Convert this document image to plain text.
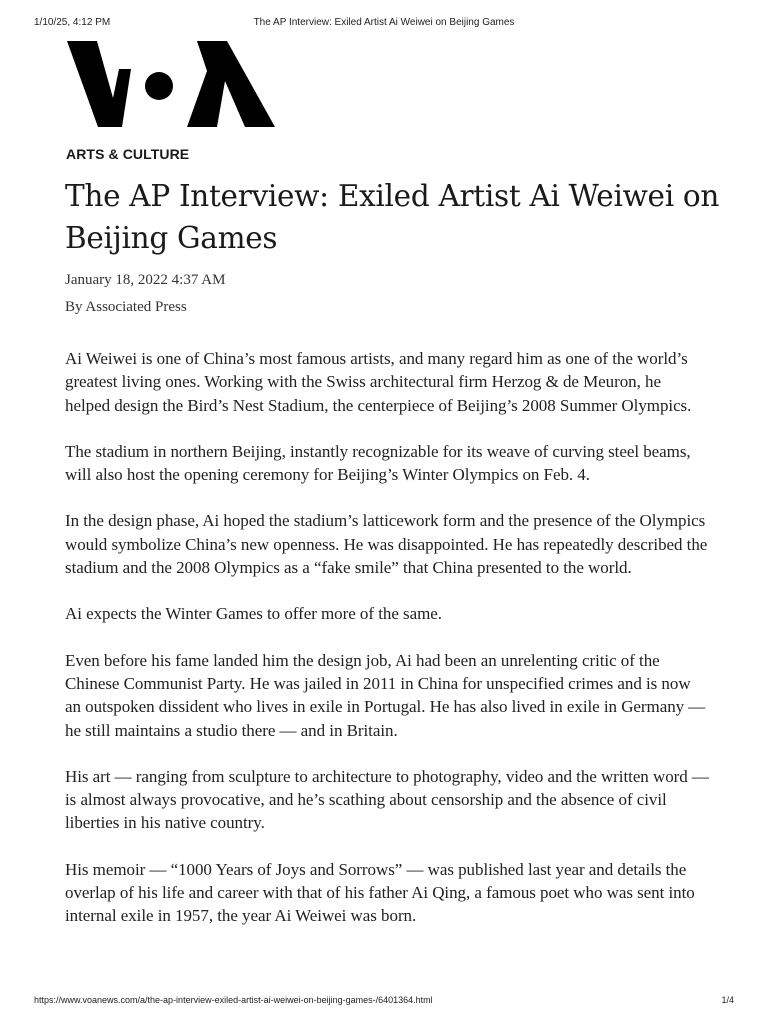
1/10/25, 4:12 PM	The AP Interview: Exiled Artist Ai Weiwei on Beijing Games
ARTS & CULTURE
The AP Interview: Exiled Artist Ai Weiwei on Beijing Games
January 18, 2022 4:37 AM
By Associated Press

Ai Weiwei is one of China’s most famous artists, and many regard him as one of the world’s greatest living ones. Working with the Swiss architectural firm Herzog & de Meuron, he helped design the Bird’s Nest Stadium, the centerpiece of Beijing’s 2008 Summer Olympics.

The stadium in northern Beijing, instantly recognizable for its weave of curving steel beams, will also host the opening ceremony for Beijing’s Winter Olympics on Feb. 4.

In the design phase, Ai hoped the stadium’s latticework form and the presence of the Olympics would symbolize China’s new openness. He was disappointed. He has repeatedly described the stadium and the 2008 Olympics as a “fake smile” that China presented to the world.

Ai expects the Winter Games to offer more of the same.

Even before his fame landed him the design job, Ai had been an unrelenting critic of the Chinese Communist Party. He was jailed in 2011 in China for unspecified crimes and is now an outspoken dissident who lives in exile in Portugal. He has also lived in exile in Germany — he still maintains a studio there — and in Britain.

His art — ranging from sculpture to architecture to photography, video and the written word — is almost always provocative, and he’s scathing about censorship and the absence of civil liberties in his native country.

His memoir — “1000 Years of Joys and Sorrows” — was published last year and details the overlap of his life and career with that of his father Ai Qing, a famous poet who was sent into internal exile in 1957, the year Ai Weiwei was born.

https://www.voanews.com/a/the-ap-interview-exiled-artist-ai-weiwei-on-beijing-games-/6401364.html	1/4
